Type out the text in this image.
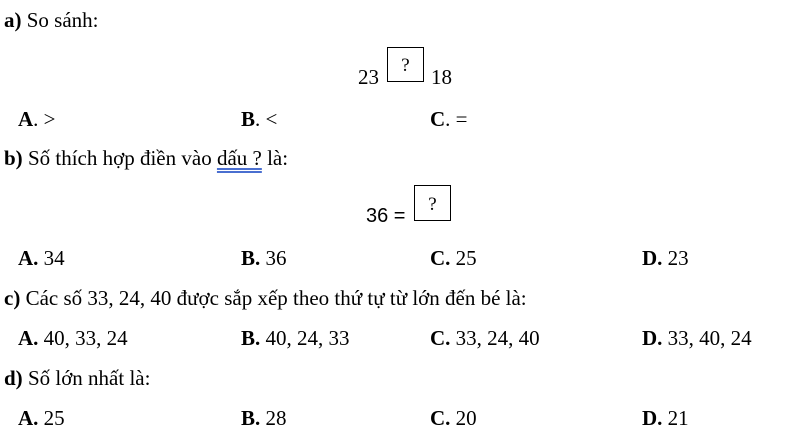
a) So sánh:
23	?	18
A. >	B. <	C. =
b) Số thích hợp điền vào dấu ? là:
36 =
?
A. 34	B. 36	C. 25	D. 23
c) Các số 33, 24, 40 được sắp xếp theo thứ tự từ lớn đến bé là:
A. 40, 33, 24	B. 40, 24, 33	C. 33, 24, 40	D. 33, 40, 24
d) Số lớn nhất là:
A. 25	B. 28	C. 20	D. 21
